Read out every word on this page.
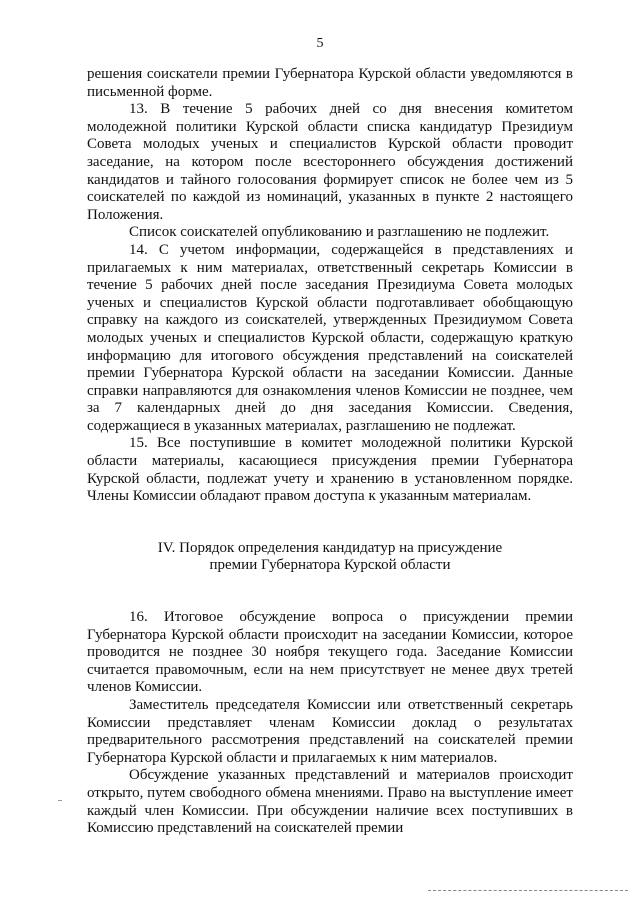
5

решения соискатели премии Губернатора Курской области уведомляются в письменной форме.

13. В течение 5 рабочих дней со дня внесения комитетом молодежной политики Курской области списка кандидатур Президиум Совета молодых ученых и специалистов Курской области проводит заседание, на котором после всестороннего обсуждения достижений кандидатов и тайного голосования формирует список не более чем из 5 соискателей по каждой из номинаций, указанных в пункте 2 настоящего Положения.

Список соискателей опубликованию и разглашению не подлежит.

14. С учетом информации, содержащейся в представлениях и прилагаемых к ним материалах, ответственный секретарь Комиссии в течение 5 рабочих дней после заседания Президиума Совета молодых ученых и специалистов Курской области подготавливает обобщающую справку на каждого из соискателей, утвержденных Президиумом Совета молодых ученых и специалистов Курской области, содержащую краткую информацию для итогового обсуждения представлений на соискателей премии Губернатора Курской области на заседании Комиссии. Данные справки направляются для ознакомления членов Комиссии не позднее, чем за 7 календарных дней до дня заседания Комиссии. Сведения, содержащиеся в указанных материалах, разглашению не подлежат.

15. Все поступившие в комитет молодежной политики Курской области материалы, касающиеся присуждения премии Губернатора Курской области, подлежат учету и хранению в установленном порядке. Члены Комиссии обладают правом доступа к указанным материалам.

IV. Порядок определения кандидатур на присуждение
премии Губернатора Курской области

16. Итоговое обсуждение вопроса о присуждении премии Губернатора Курской области происходит на заседании Комиссии, которое проводится не позднее 30 ноября текущего года. Заседание Комиссии считается правомочным, если на нем присутствует не менее двух третей членов Комиссии.

Заместитель председателя Комиссии или ответственный секретарь Комиссии представляет членам Комиссии доклад о результатах предварительного рассмотрения представлений на соискателей премии Губернатора Курской области и прилагаемых к ним материалов.

Обсуждение указанных представлений и материалов происходит открыто, путем свободного обмена мнениями. Право на выступление имеет каждый член Комиссии. При обсуждении наличие всех поступивших в Комиссию представлений на соискателей премии
